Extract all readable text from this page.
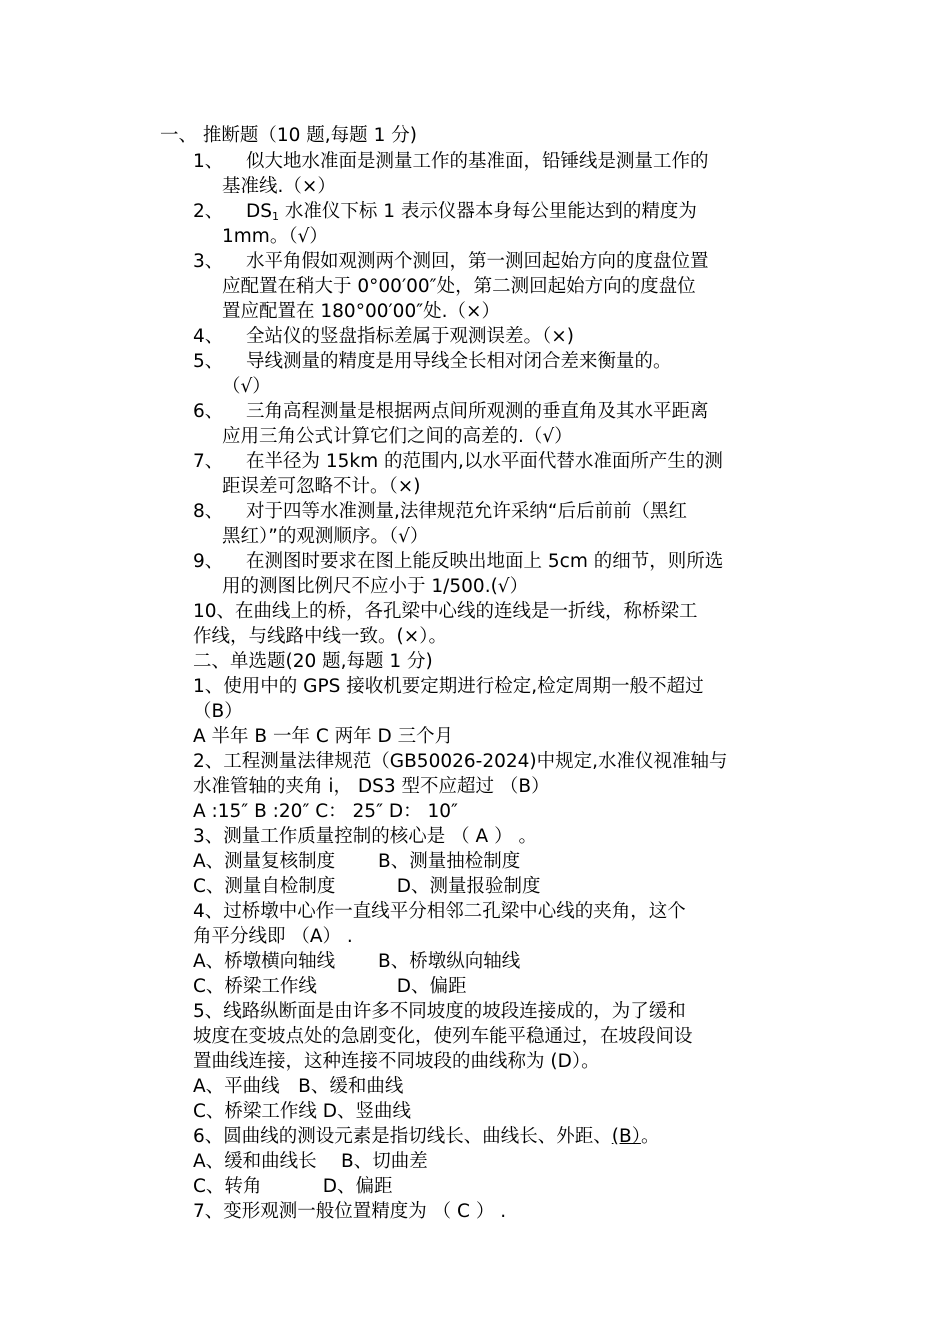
一、 推断题（10 题,每题 1 分)
1、 似大地水准面是测量工作的基准面，铅锤线是测量工作的
基准线.（×）
2、 $DS_1$ 水准仪下标 1 表示仪器本身每公里能达到的精度为
1mm。（√）
3、 水平角假如观测两个测回，第一测回起始方向的度盘位置
应配置在稍大于 0°00′00″处，第二测回起始方向的度盘位
置应配置在 180°00′00″处.（×）
4、 全站仪的竖盘指标差属于观测误差。（×)
5、 导线测量的精度是用导线全长相对闭合差来衡量的。
（√）
6、 三角高程测量是根据两点间所观测的垂直角及其水平距离
应用三角公式计算它们之间的高差的.（√）
7、 在半径为 15km 的范围内,以水平面代替水准面所产生的测
距误差可忽略不计。（×)
8、 对于四等水准测量,法律规范允许采纳“后后前前（黑红
黑红）”的观测顺序。（√）
9、 在测图时要求在图上能反映出地面上 5cm 的细节，则所选
用的测图比例尺不应小于 1/500.(√）
10、在曲线上的桥，各孔梁中心线的连线是一折线，称桥梁工
作线，与线路中线一致。(×）。
二、单选题(20 题,每题 1 分)
1、使用中的 GPS 接收机要定期进行检定,检定周期一般不超过
（B）
A 半年 B 一年 C 两年 D 三个月
2、工程测量法律规范（GB50026-2024)中规定,水准仪视准轴与
水准管轴的夹角 i， DS3 型不应超过 （B）
A :15″ B :20″ C： 25″ D： 10″
3、测量工作质量控制的核心是 （ A ） 。
A、测量复核制度　　 B、测量抽检制度
C、测量自检制度　　　 D、测量报验制度
4、过桥墩中心作一直线平分相邻二孔梁中心线的夹角，这个
角平分线即 （A） .
A、桥墩横向轴线　　 B、桥墩纵向轴线
C、桥梁工作线　　　　 D、偏距
5、线路纵断面是由许多不同坡度的坡段连接成的，为了缓和
坡度在变坡点处的急剧变化，使列车能平稳通过，在坡段间设
置曲线连接，这种连接不同坡段的曲线称为 (D）。
A、平曲线　B、缓和曲线
C、桥梁工作线 D、竖曲线
6、圆曲线的测设元素是指切线长、曲线长、外距、(B）。
A、缓和曲线长　 B、切曲差
C、转角　　　 D、偏距
7、变形观测一般位置精度为 （ C ） .
